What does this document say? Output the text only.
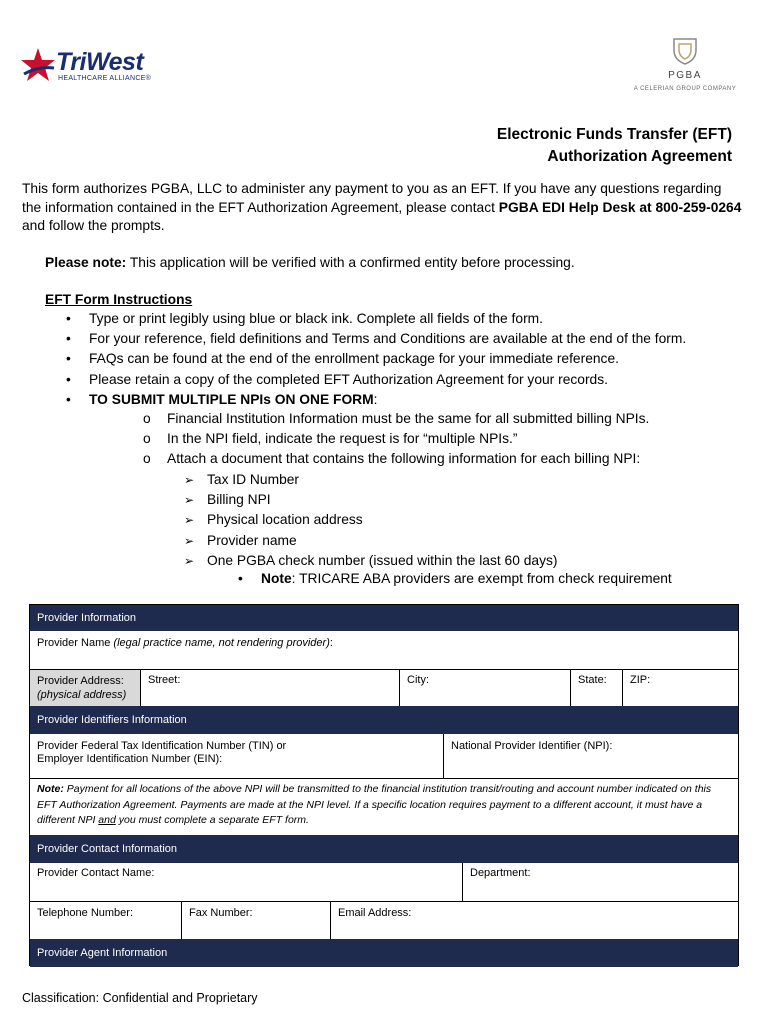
TriWest
HEALTHCARE ALLIANCE®	PGBA
A CELERIAN GROUP COMPANY
Electronic Funds Transfer (EFT)
Authorization Agreement
This form authorizes PGBA, LLC to administer any payment to you as an EFT. If you have any questions regarding the information contained in the EFT Authorization Agreement, please contact PGBA EDI Help Desk at 800-259-0264 and follow the prompts.
Please note: This application will be verified with a confirmed entity before processing.
EFT Form Instructions
• Type or print legibly using blue or black ink. Complete all fields of the form.
• For your reference, field definitions and Terms and Conditions are available at the end of the form.
• FAQs can be found at the end of the enrollment package for your immediate reference.
• Please retain a copy of the completed EFT Authorization Agreement for your records.
• TO SUBMIT MULTIPLE NPIs ON ONE FORM:
o Financial Institution Information must be the same for all submitted billing NPIs.
o In the NPI field, indicate the request is for “multiple NPIs.”
o Attach a document that contains the following information for each billing NPI:
➢ Tax ID Number
➢ Billing NPI
➢ Physical location address
➢ Provider name
➢ One PGBA check number (issued within the last 60 days)
• Note: TRICARE ABA providers are exempt from check requirement
Provider Information
Provider Name (legal practice name, not rendering provider):
Provider Address:
(physical address)
Street:	City:	State:	ZIP:
Provider Identifiers Information
Provider Federal Tax Identification Number (TIN) or
Employer Identification Number (EIN):
National Provider Identifier (NPI):
Note: Payment for all locations of the above NPI will be transmitted to the financial institution transit/routing and account number indicated on this EFT Authorization Agreement. Payments are made at the NPI level. If a specific location requires payment to a different account, it must have a different NPI and you must complete a separate EFT form.
Provider Contact Information
Provider Contact Name:	Department:
Telephone Number:	Fax Number:	Email Address:
Provider Agent Information
Classification: Confidential and Proprietary
